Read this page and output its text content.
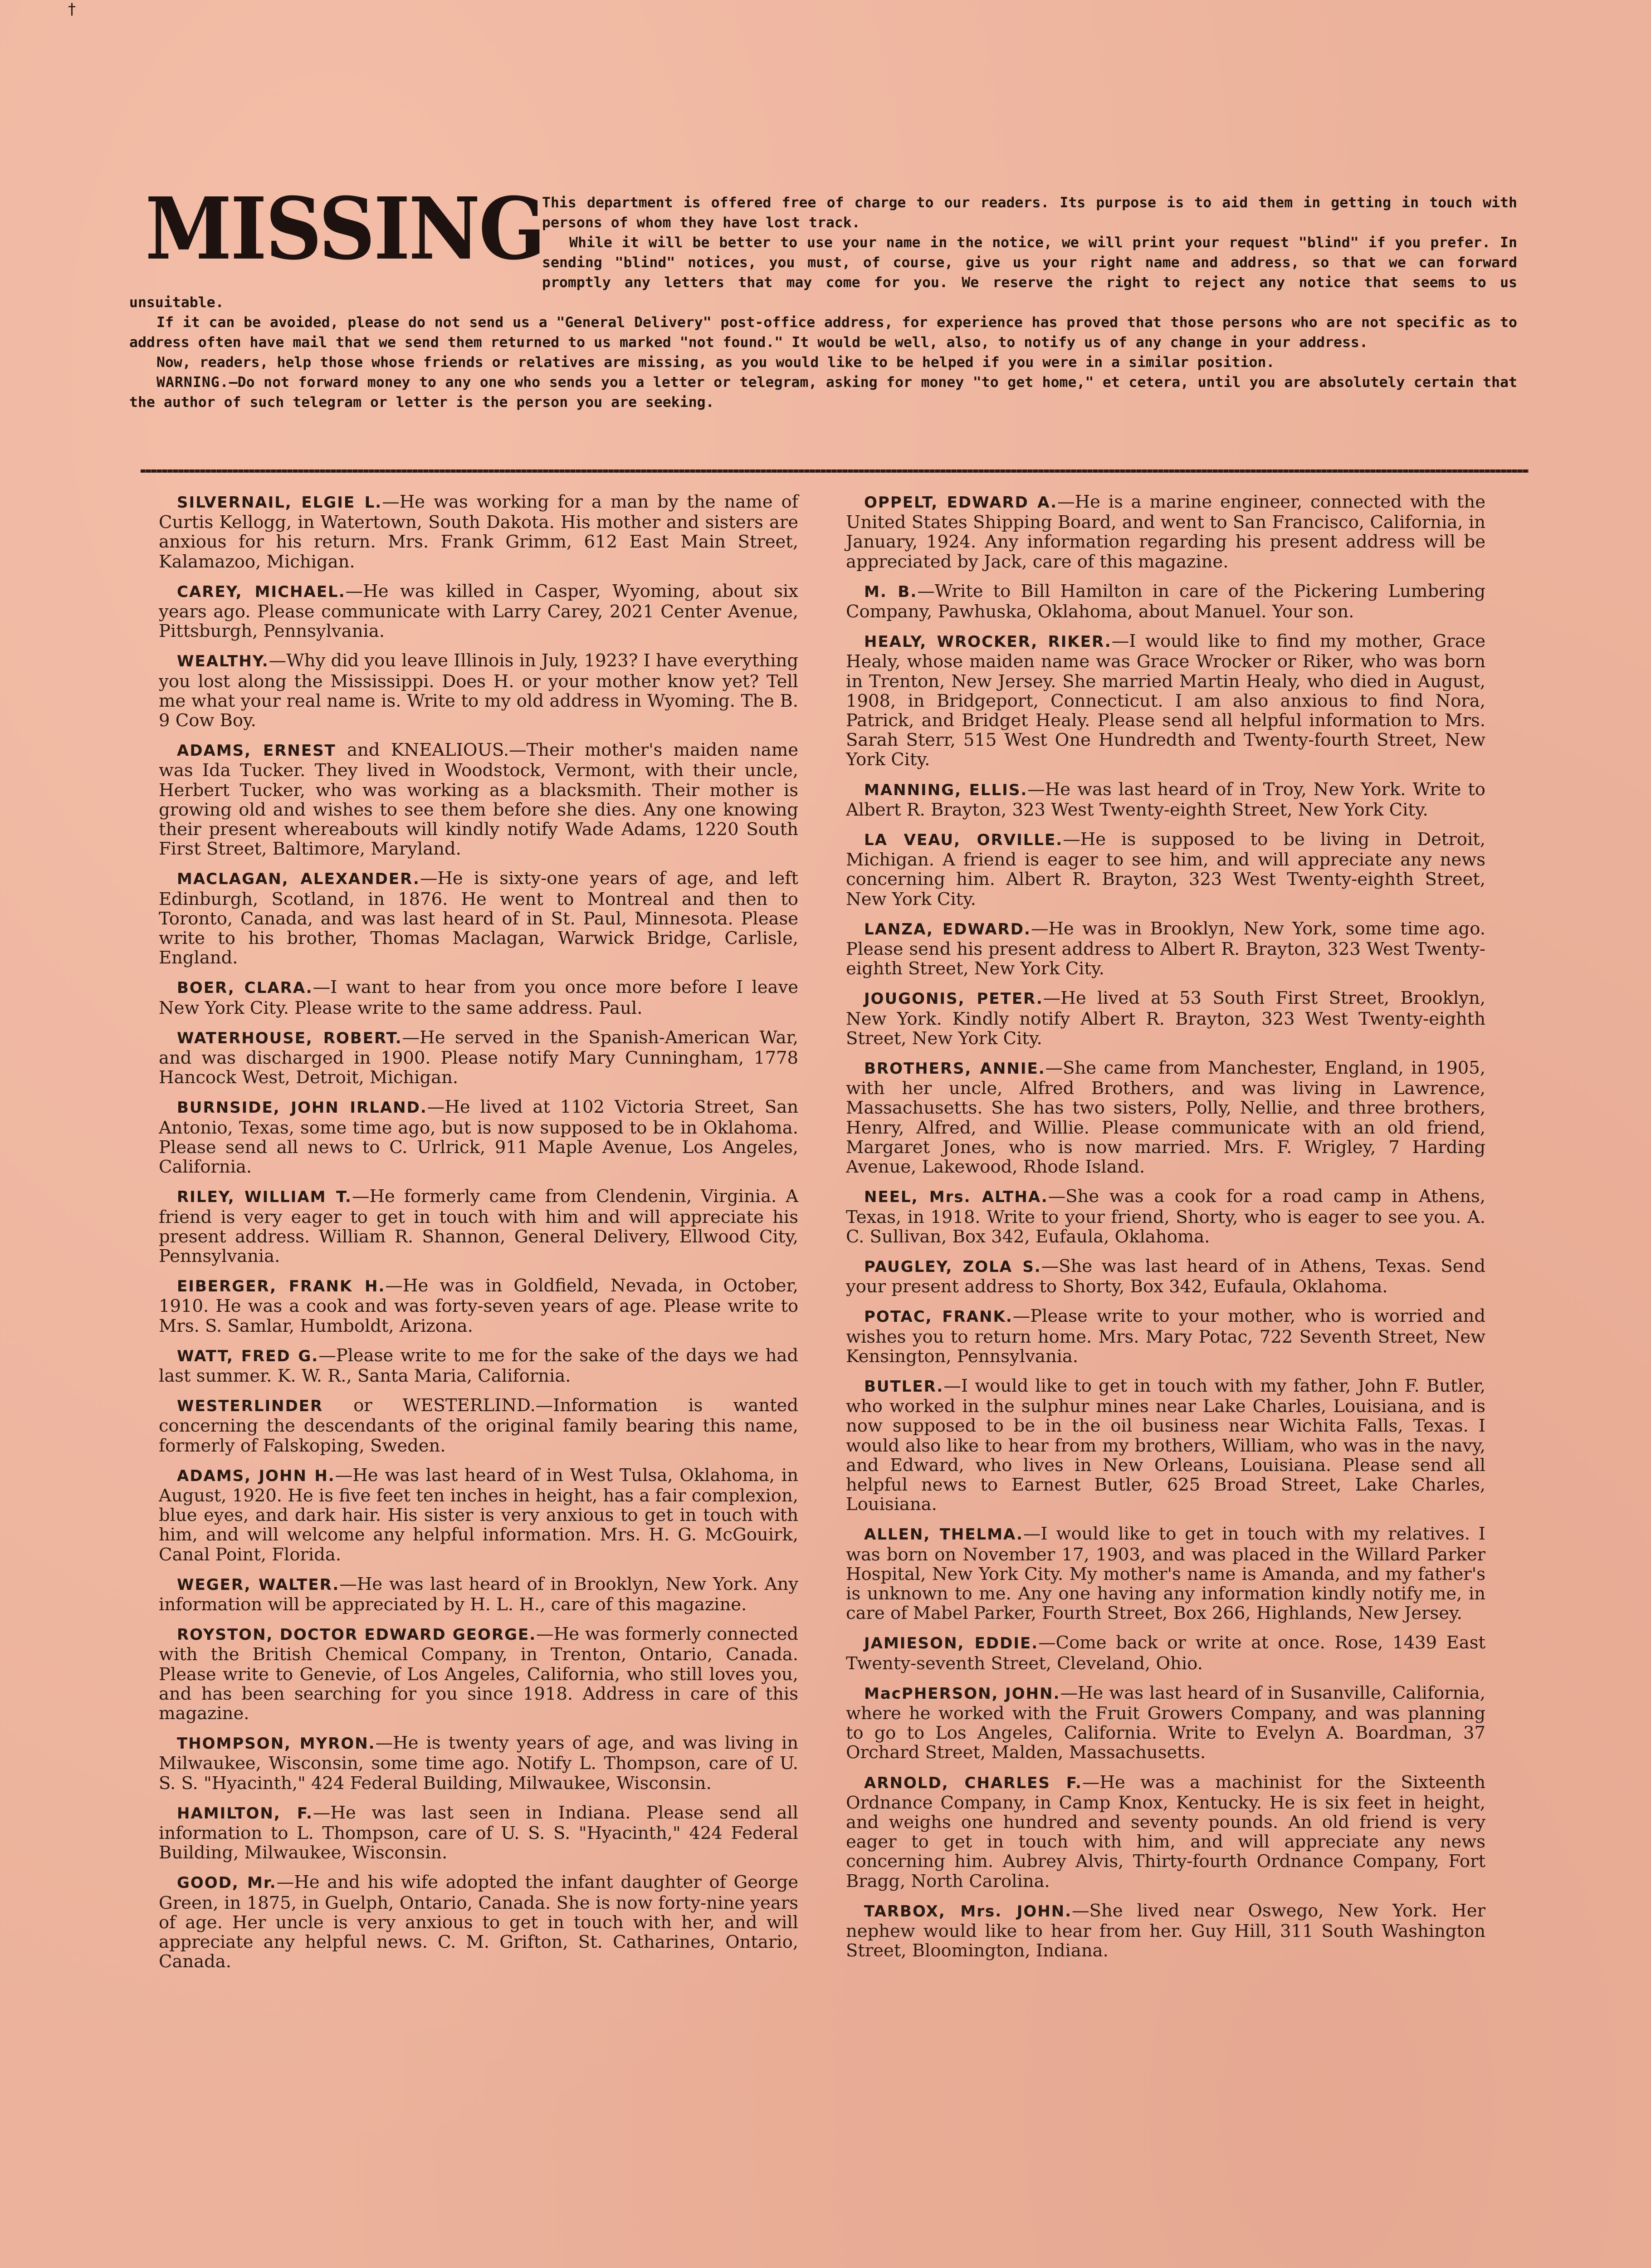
†

This department is offered free of charge to our readers. Its purpose is to aid them in getting in touch with persons of whom they have lost track.

While it will be better to use your name in the notice, we will print your request "blind" if you prefer. In sending "blind" notices, you must, of course, give us your right name and address, so that we can forward promptly any letters that may come for you. We reserve the right to reject any notice that seems to us unsuitable.

If it can be avoided, please do not send us a "General Delivery" post-office address, for experience has proved that those persons who are not specific as to address often have mail that we send them returned to us marked "not found." It would be well, also, to notify us of any change in your address.

Now, readers, help those whose friends or relatives are missing, as you would like to be helped if you were in a similar position.

WARNING.—Do not forward money to any one who sends you a letter or telegram, asking for money "to get home," et cetera, until you are absolutely certain that the author of such telegram or letter is the person you are seeking.

MISSING

SILVERNAIL, ELGIE L.—He was working for a man by the name of Curtis Kellogg, in Watertown, South Dakota. His mother and sisters are anxious for his return. Mrs. Frank Grimm, 612 East Main Street, Kalamazoo, Michigan.

CAREY, MICHAEL.—He was killed in Casper, Wyoming, about six years ago. Please communicate with Larry Carey, 2021 Center Avenue, Pittsburgh, Pennsylvania.

WEALTHY.—Why did you leave Illinois in July, 1923? I have everything you lost along the Mississippi. Does H. or your mother know yet? Tell me what your real name is. Write to my old address in Wyoming. The B. 9 Cow Boy.

ADAMS, ERNEST and KNEALIOUS.—Their mother's maiden name was Ida Tucker. They lived in Woodstock, Vermont, with their uncle, Herbert Tucker, who was working as a blacksmith. Their mother is growing old and wishes to see them before she dies. Any one knowing their present whereabouts will kindly notify Wade Adams, 1220 South First Street, Baltimore, Maryland.

MACLAGAN, ALEXANDER.—He is sixty-one years of age, and left Edinburgh, Scotland, in 1876. He went to Montreal and then to Toronto, Canada, and was last heard of in St. Paul, Minnesota. Please write to his brother, Thomas Maclagan, Warwick Bridge, Carlisle, England.

BOER, CLARA.—I want to hear from you once more before I leave New York City. Please write to the same address. Paul.

WATERHOUSE, ROBERT.—He served in the Spanish-American War, and was discharged in 1900. Please notify Mary Cunningham, 1778 Hancock West, Detroit, Michigan.

BURNSIDE, JOHN IRLAND.—He lived at 1102 Victoria Street, San Antonio, Texas, some time ago, but is now supposed to be in Oklahoma. Please send all news to C. Urlrick, 911 Maple Avenue, Los Angeles, California.

RILEY, WILLIAM T.—He formerly came from Clendenin, Virginia. A friend is very eager to get in touch with him and will appreciate his present address. William R. Shannon, General Delivery, Ellwood City, Pennsylvania.

EIBERGER, FRANK H.—He was in Goldfield, Nevada, in October, 1910. He was a cook and was forty-seven years of age. Please write to Mrs. S. Samlar, Humboldt, Arizona.

WATT, FRED G.—Please write to me for the sake of the days we had last summer. K. W. R., Santa Maria, California.

WESTERLINDER or WESTERLIND.—Information is wanted concerning the descendants of the original family bearing this name, formerly of Falskoping, Sweden.

ADAMS, JOHN H.—He was last heard of in West Tulsa, Oklahoma, in August, 1920. He is five feet ten inches in height, has a fair complexion, blue eyes, and dark hair. His sister is very anxious to get in touch with him, and will welcome any helpful information. Mrs. H. G. McGouirk, Canal Point, Florida.

WEGER, WALTER.—He was last heard of in Brooklyn, New York. Any information will be appreciated by H. L. H., care of this magazine.

ROYSTON, DOCTOR EDWARD GEORGE.—He was formerly connected with the British Chemical Company, in Trenton, Ontario, Canada. Please write to Genevie, of Los Angeles, California, who still loves you, and has been searching for you since 1918. Address in care of this magazine.

THOMPSON, MYRON.—He is twenty years of age, and was living in Milwaukee, Wisconsin, some time ago. Notify L. Thompson, care of U. S. S. "Hyacinth," 424 Federal Building, Milwaukee, Wisconsin.

HAMILTON, F.—He was last seen in Indiana. Please send all information to L. Thompson, care of U. S. S. "Hyacinth," 424 Federal Building, Milwaukee, Wisconsin.

GOOD, Mr.—He and his wife adopted the infant daughter of George Green, in 1875, in Guelph, Ontario, Canada. She is now forty-nine years of age. Her uncle is very anxious to get in touch with her, and will appreciate any helpful news. C. M. Grifton, St. Catharines, Ontario, Canada.

OPPELT, EDWARD A.—He is a marine engineer, connected with the United States Shipping Board, and went to San Francisco, California, in January, 1924. Any information regarding his present address will be appreciated by Jack, care of this magazine.

M. B.—Write to Bill Hamilton in care of the Pickering Lumbering Company, Pawhuska, Oklahoma, about Manuel. Your son.

HEALY, WROCKER, RIKER.—I would like to find my mother, Grace Healy, whose maiden name was Grace Wrocker or Riker, who was born in Trenton, New Jersey. She married Martin Healy, who died in August, 1908, in Bridgeport, Connecticut. I am also anxious to find Nora, Patrick, and Bridget Healy. Please send all helpful information to Mrs. Sarah Sterr, 515 West One Hundredth and Twenty-fourth Street, New York City.

MANNING, ELLIS.—He was last heard of in Troy, New York. Write to Albert R. Brayton, 323 West Twenty-eighth Street, New York City.

LA VEAU, ORVILLE.—He is supposed to be living in Detroit, Michigan. A friend is eager to see him, and will appreciate any news concerning him. Albert R. Brayton, 323 West Twenty-eighth Street, New York City.

LANZA, EDWARD.—He was in Brooklyn, New York, some time ago. Please send his present address to Albert R. Brayton, 323 West Twenty-eighth Street, New York City.

JOUGONIS, PETER.—He lived at 53 South First Street, Brooklyn, New York. Kindly notify Albert R. Brayton, 323 West Twenty-eighth Street, New York City.

BROTHERS, ANNIE.—She came from Manchester, England, in 1905, with her uncle, Alfred Brothers, and was living in Lawrence, Massachusetts. She has two sisters, Polly, Nellie, and three brothers, Henry, Alfred, and Willie. Please communicate with an old friend, Margaret Jones, who is now married. Mrs. F. Wrigley, 7 Harding Avenue, Lakewood, Rhode Island.

NEEL, Mrs. ALTHA.—She was a cook for a road camp in Athens, Texas, in 1918. Write to your friend, Shorty, who is eager to see you. A. C. Sullivan, Box 342, Eufaula, Oklahoma.

PAUGLEY, ZOLA S.—She was last heard of in Athens, Texas. Send your present address to Shorty, Box 342, Eufaula, Oklahoma.

POTAC, FRANK.—Please write to your mother, who is worried and wishes you to return home. Mrs. Mary Potac, 722 Seventh Street, New Kensington, Pennsylvania.

BUTLER.—I would like to get in touch with my father, John F. Butler, who worked in the sulphur mines near Lake Charles, Louisiana, and is now supposed to be in the oil business near Wichita Falls, Texas. I would also like to hear from my brothers, William, who was in the navy, and Edward, who lives in New Orleans, Louisiana. Please send all helpful news to Earnest Butler, 625 Broad Street, Lake Charles, Louisiana.

ALLEN, THELMA.—I would like to get in touch with my relatives. I was born on November 17, 1903, and was placed in the Willard Parker Hospital, New York City. My mother's name is Amanda, and my father's is unknown to me. Any one having any information kindly notify me, in care of Mabel Parker, Fourth Street, Box 266, Highlands, New Jersey.

JAMIESON, EDDIE.—Come back or write at once. Rose, 1439 East Twenty-seventh Street, Cleveland, Ohio.

MacPHERSON, JOHN.—He was last heard of in Susanville, California, where he worked with the Fruit Growers Company, and was planning to go to Los Angeles, California. Write to Evelyn A. Boardman, 37 Orchard Street, Malden, Massachusetts.

ARNOLD, CHARLES F.—He was a machinist for the Sixteenth Ordnance Company, in Camp Knox, Kentucky. He is six feet in height, and weighs one hundred and seventy pounds. An old friend is very eager to get in touch with him, and will appreciate any news concerning him. Aubrey Alvis, Thirty-fourth Ordnance Company, Fort Bragg, North Carolina.

TARBOX, Mrs. JOHN.—She lived near Oswego, New York. Her nephew would like to hear from her. Guy Hill, 311 South Washington Street, Bloomington, Indiana.
